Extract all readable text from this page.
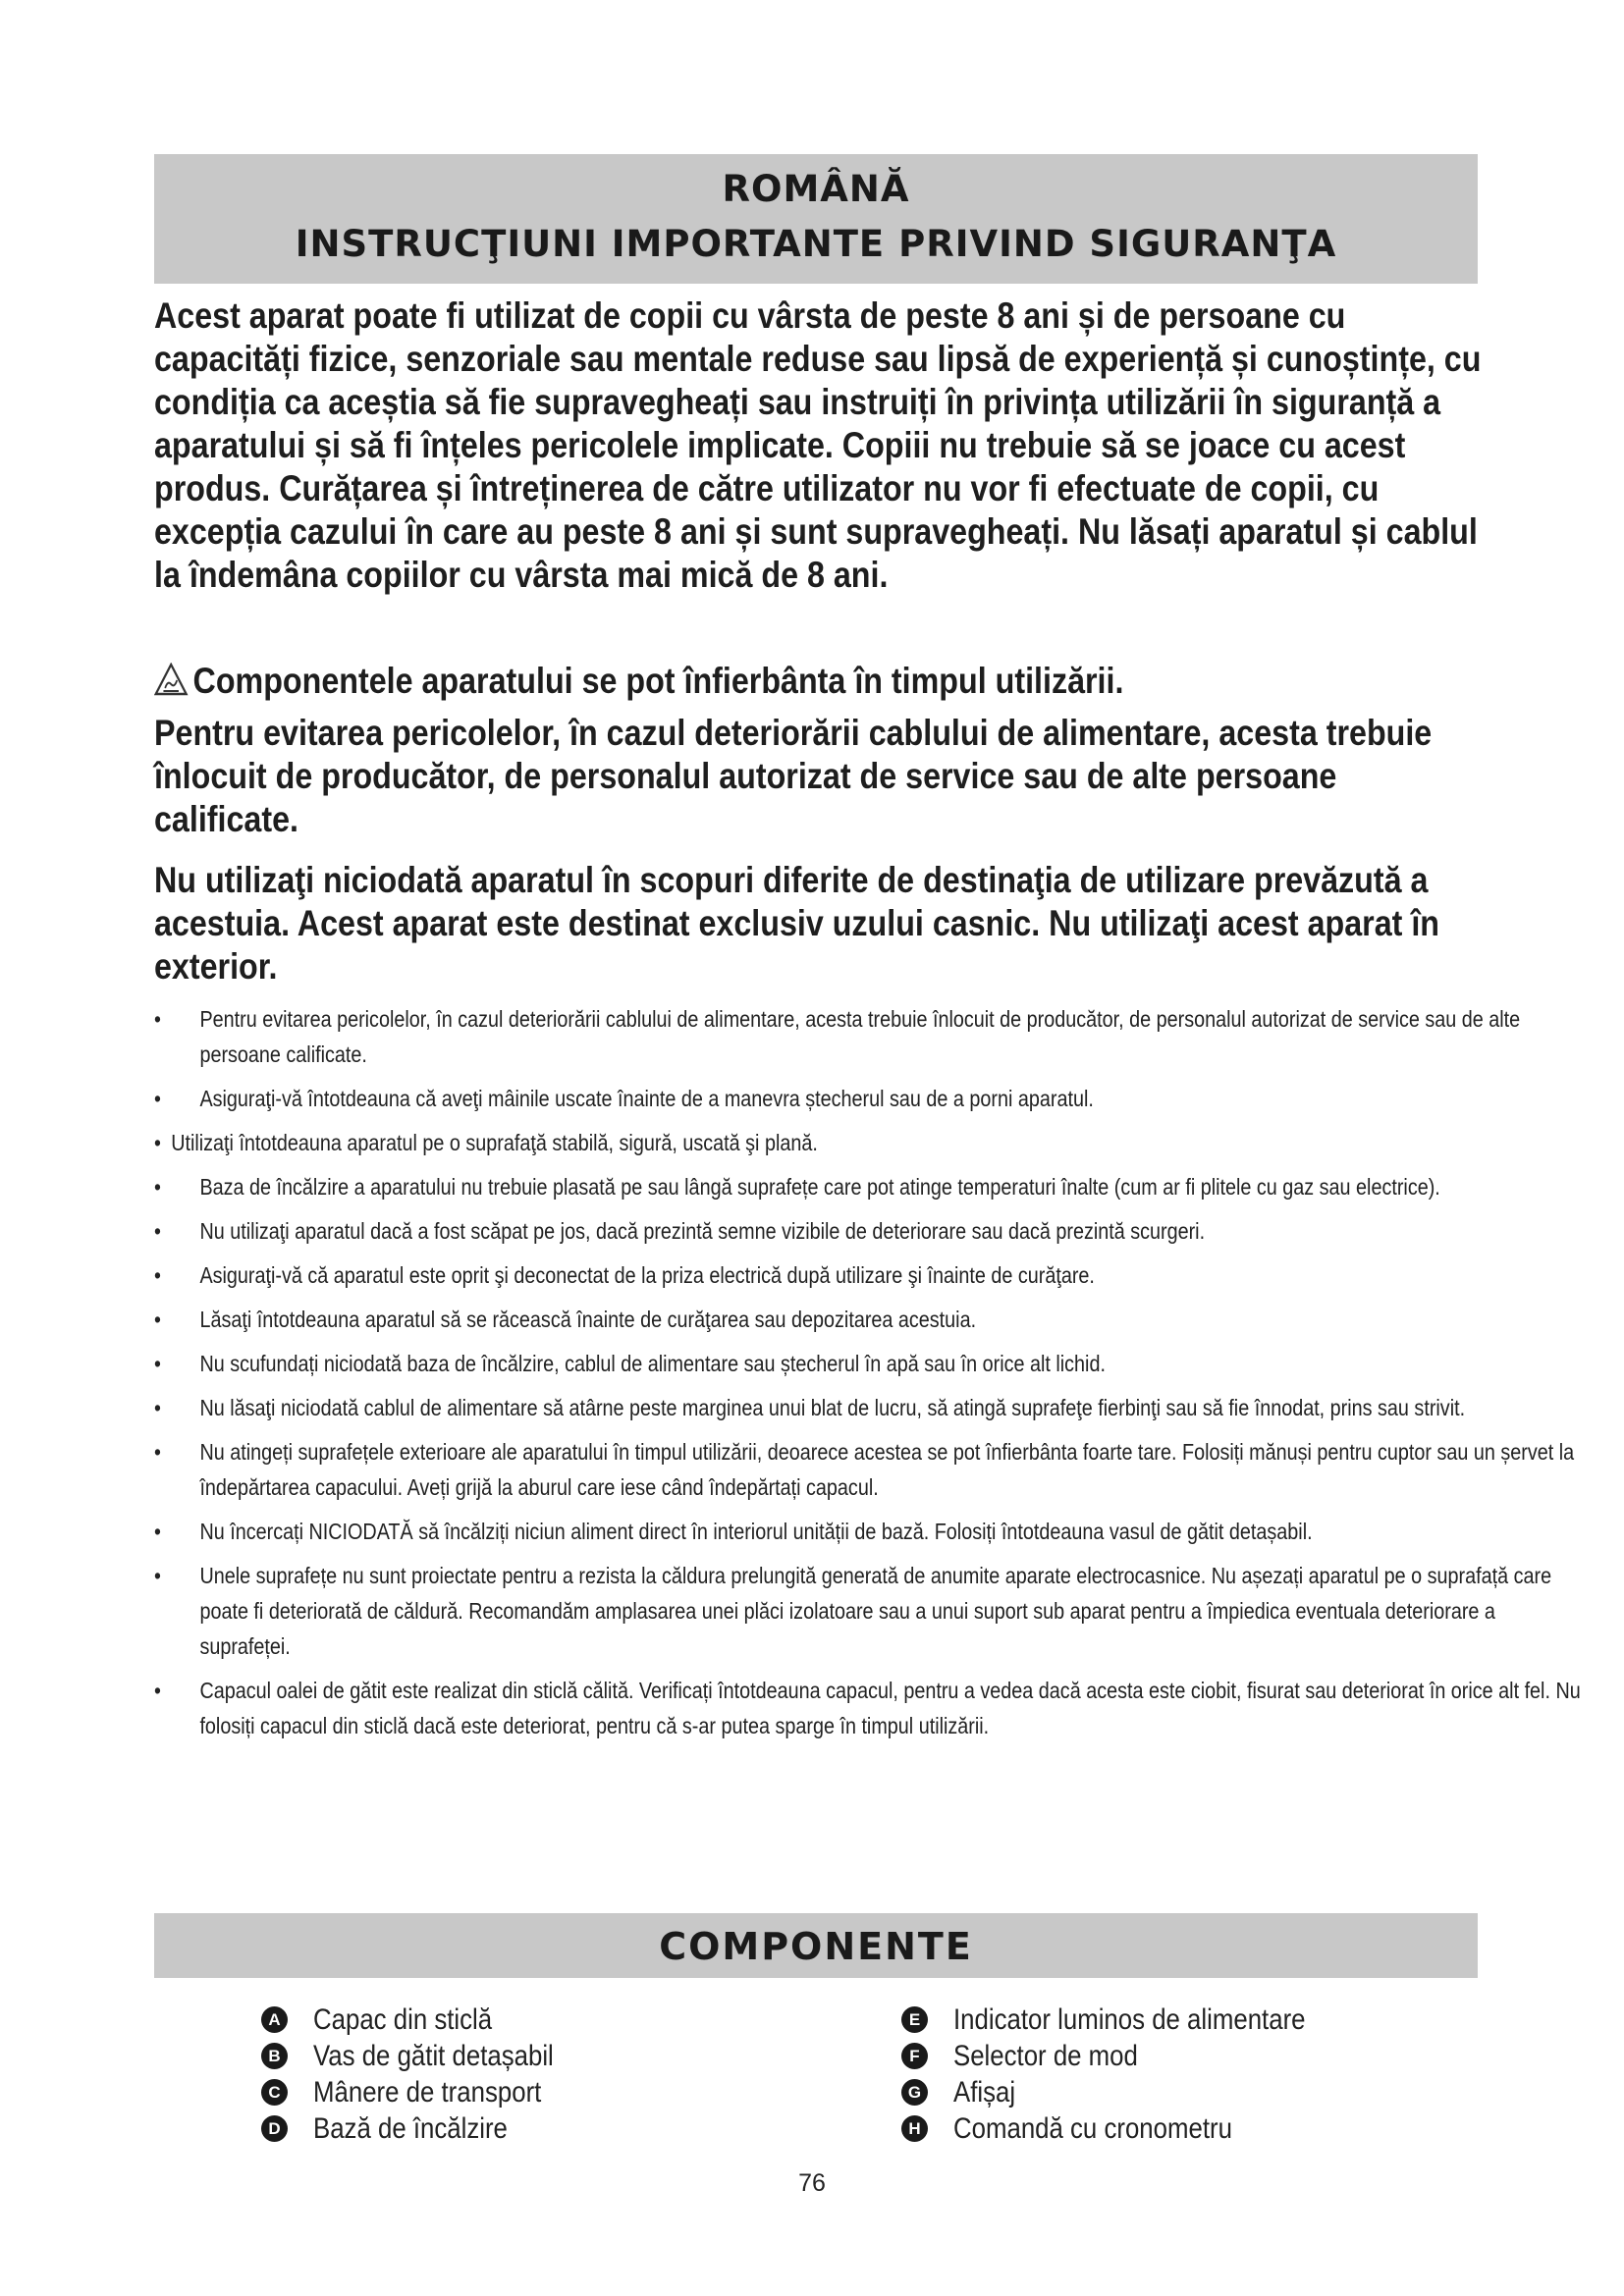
ROMÂNĂ
INSTRUCŢIUNI IMPORTANTE PRIVIND SIGURANŢA

Acest aparat poate fi utilizat de copii cu vârsta de peste 8 ani și de persoane cu capacități fizice, senzoriale sau mentale reduse sau lipsă de experiență și cunoștințe, cu condiția ca aceștia să fie supravegheați sau instruiți în privința utilizării în siguranță a aparatului și să fi înțeles pericolele implicate. Copiii nu trebuie să se joace cu acest produs. Curățarea și întreținerea de către utilizator nu vor fi efectuate de copii, cu excepția cazului în care au peste 8 ani și sunt supravegheați. Nu lăsați aparatul și cablul la îndemâna copiilor cu vârsta mai mică de 8 ani.

Componentele aparatului se pot înfierbânta în timpul utilizării.

Pentru evitarea pericolelor, în cazul deteriorării cablului de alimentare, acesta trebuie înlocuit de producător, de personalul autorizat de service sau de alte persoane calificate.

Nu utilizaţi niciodată aparatul în scopuri diferite de destinaţia de utilizare prevăzută a acestuia. Acest aparat este destinat exclusiv uzului casnic. Nu utilizaţi acest aparat în exterior.

• Pentru evitarea pericolelor, în cazul deteriorării cablului de alimentare, acesta trebuie înlocuit de producător, de personalul autorizat de service sau de alte persoane calificate.
• Asiguraţi-vă întotdeauna că aveţi mâinile uscate înainte de a manevra ștecherul sau de a porni aparatul.
• Utilizaţi întotdeauna aparatul pe o suprafaţă stabilă, sigură, uscată şi plană.
• Baza de încălzire a aparatului nu trebuie plasată pe sau lângă suprafețe care pot atinge temperaturi înalte (cum ar fi plitele cu gaz sau electrice).
• Nu utilizaţi aparatul dacă a fost scăpat pe jos, dacă prezintă semne vizibile de deteriorare sau dacă prezintă scurgeri.
• Asiguraţi-vă că aparatul este oprit şi deconectat de la priza electrică după utilizare şi înainte de curăţare.
• Lăsaţi întotdeauna aparatul să se răcească înainte de curăţarea sau depozitarea acestuia.
• Nu scufundați niciodată baza de încălzire, cablul de alimentare sau ștecherul în apă sau în orice alt lichid.
• Nu lăsaţi niciodată cablul de alimentare să atârne peste marginea unui blat de lucru, să atingă suprafeţe fierbinţi sau să fie înnodat, prins sau strivit.
• Nu atingeți suprafețele exterioare ale aparatului în timpul utilizării, deoarece acestea se pot înfierbânta foarte tare. Folosiți mănuși pentru cuptor sau un șervet la îndepărtarea capacului. Aveți grijă la aburul care iese când îndepărtați capacul.
• Nu încercați NICIODATĂ să încălziți niciun aliment direct în interiorul unității de bază. Folosiți întotdeauna vasul de gătit detașabil.
• Unele suprafețe nu sunt proiectate pentru a rezista la căldura prelungită generată de anumite aparate electrocasnice. Nu așezați aparatul pe o suprafață care poate fi deteriorată de căldură. Recomandăm amplasarea unei plăci izolatoare sau a unui suport sub aparat pentru a împiedica eventuala deteriorare a suprafeței.
• Capacul oalei de gătit este realizat din sticlă călită. Verificați întotdeauna capacul, pentru a vedea dacă acesta este ciobit, fisurat sau deteriorat în orice alt fel. Nu folosiți capacul din sticlă dacă este deteriorat, pentru că s-ar putea sparge în timpul utilizării.
COMPONENTE
A Capac din sticlă
B Vas de gătit detașabil
C Mânere de transport
D Bază de încălzire
E Indicator luminos de alimentare
F Selector de mod
G Afișaj
H Comandă cu cronometru
76
